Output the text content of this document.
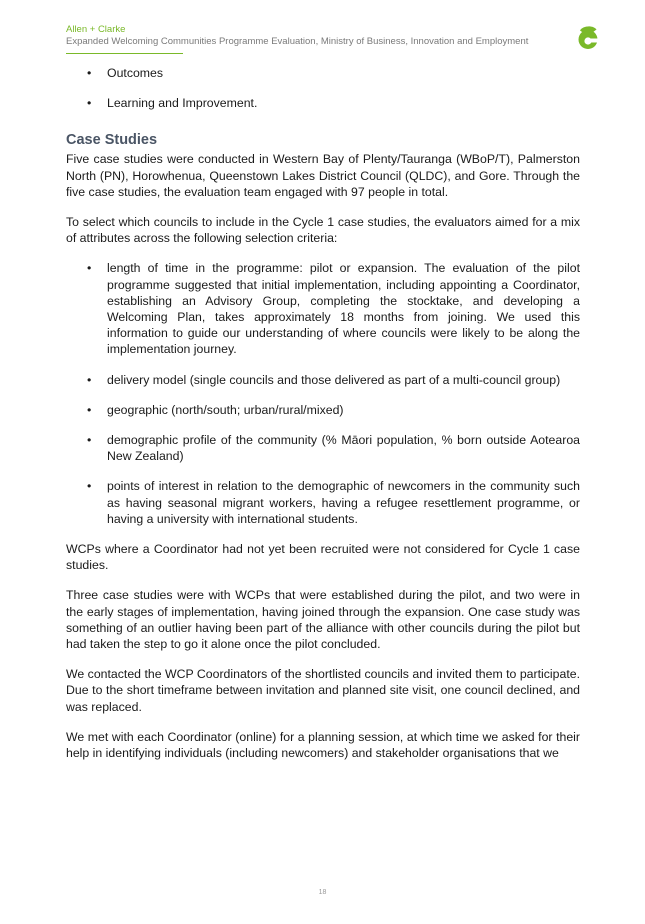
Allen + Clarke
Expanded Welcoming Communities Programme Evaluation, Ministry of Business, Innovation and Employment
• Outcomes
• Learning and Improvement.
Case Studies

Five case studies were conducted in Western Bay of Plenty/Tauranga (WBoP/T), Palmerston North (PN), Horowhenua, Queenstown Lakes District Council (QLDC), and Gore. Through the five case studies, the evaluation team engaged with 97 people in total.

To select which councils to include in the Cycle 1 case studies, the evaluators aimed for a mix of attributes across the following selection criteria:

• length of time in the programme: pilot or expansion. The evaluation of the pilot programme suggested that initial implementation, including appointing a Coordinator, establishing an Advisory Group, completing the stocktake, and developing a Welcoming Plan, takes approximately 18 months from joining. We used this information to guide our understanding of where councils were likely to be along the implementation journey.
• delivery model (single councils and those delivered as part of a multi-council group)
• geographic (north/south; urban/rural/mixed)
• demographic profile of the community (% Māori population, % born outside Aotearoa New Zealand)
• points of interest in relation to the demographic of newcomers in the community such as having seasonal migrant workers, having a refugee resettlement programme, or having a university with international students.

WCPs where a Coordinator had not yet been recruited were not considered for Cycle 1 case studies.

Three case studies were with WCPs that were established during the pilot, and two were in the early stages of implementation, having joined through the expansion. One case study was something of an outlier having been part of the alliance with other councils during the pilot but had taken the step to go it alone once the pilot concluded.

We contacted the WCP Coordinators of the shortlisted councils and invited them to participate. Due to the short timeframe between invitation and planned site visit, one council declined, and was replaced.

We met with each Coordinator (online) for a planning session, at which time we asked for their help in identifying individuals (including newcomers) and stakeholder organisations that we

18
